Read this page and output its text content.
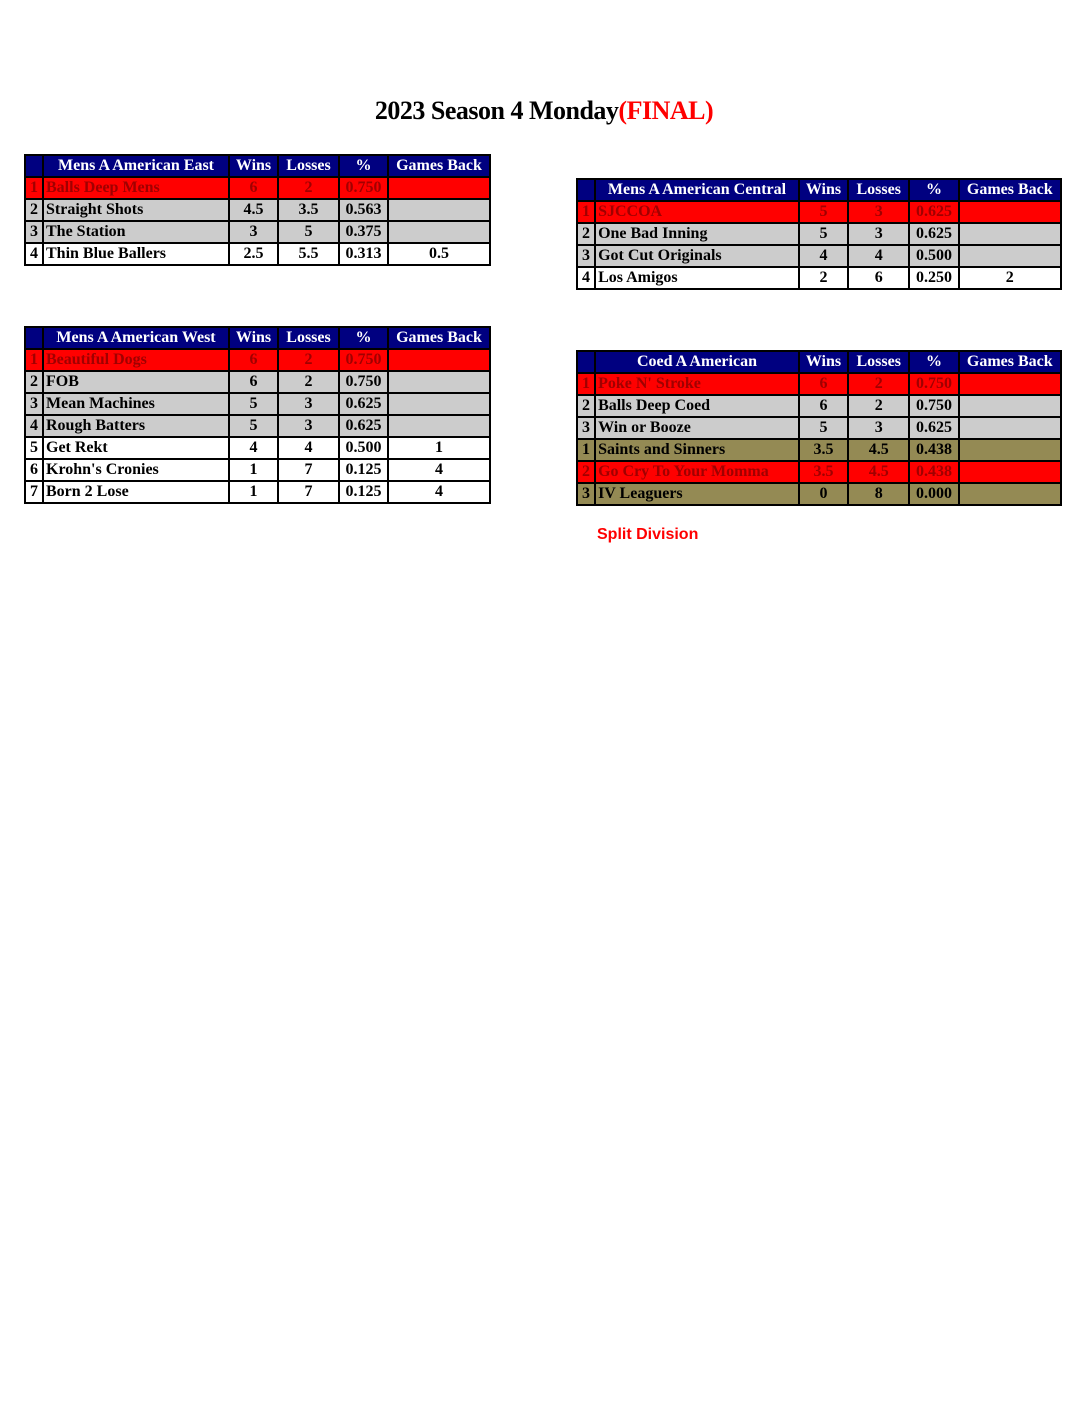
2023 Season 4 Monday(FINAL)
	Mens A American East	Wins	Losses	%	Games Back
1	Balls Deep Mens	6	2	0.750	
2	Straight Shots	4.5	3.5	0.563	
3	The Station	3	5	0.375	
4	Thin Blue Ballers	2.5	5.5	0.313	0.5
	Mens A American Central	Wins	Losses	%	Games Back
1	SJCCOA	5	3	0.625	
2	One Bad Inning	5	3	0.625	
3	Got Cut Originals	4	4	0.500	
4	Los Amigos	2	6	0.250	2
	Mens A American West	Wins	Losses	%	Games Back
1	Beautiful Dogs	6	2	0.750	
2	FOB	6	2	0.750	
3	Mean Machines	5	3	0.625	
4	Rough Batters	5	3	0.625	
5	Get Rekt	4	4	0.500	1
6	Krohn's Cronies	1	7	0.125	4
7	Born 2 Lose	1	7	0.125	4
	Coed A American	Wins	Losses	%	Games Back
1	Poke N' Stroke	6	2	0.750	
2	Balls Deep Coed	6	2	0.750	
3	Win or Booze	5	3	0.625	
1	Saints and Sinners	3.5	4.5	0.438	
2	Go Cry To Your Momma	3.5	4.5	0.438	
3	IV Leaguers	0	8	0.000	
Split Division
